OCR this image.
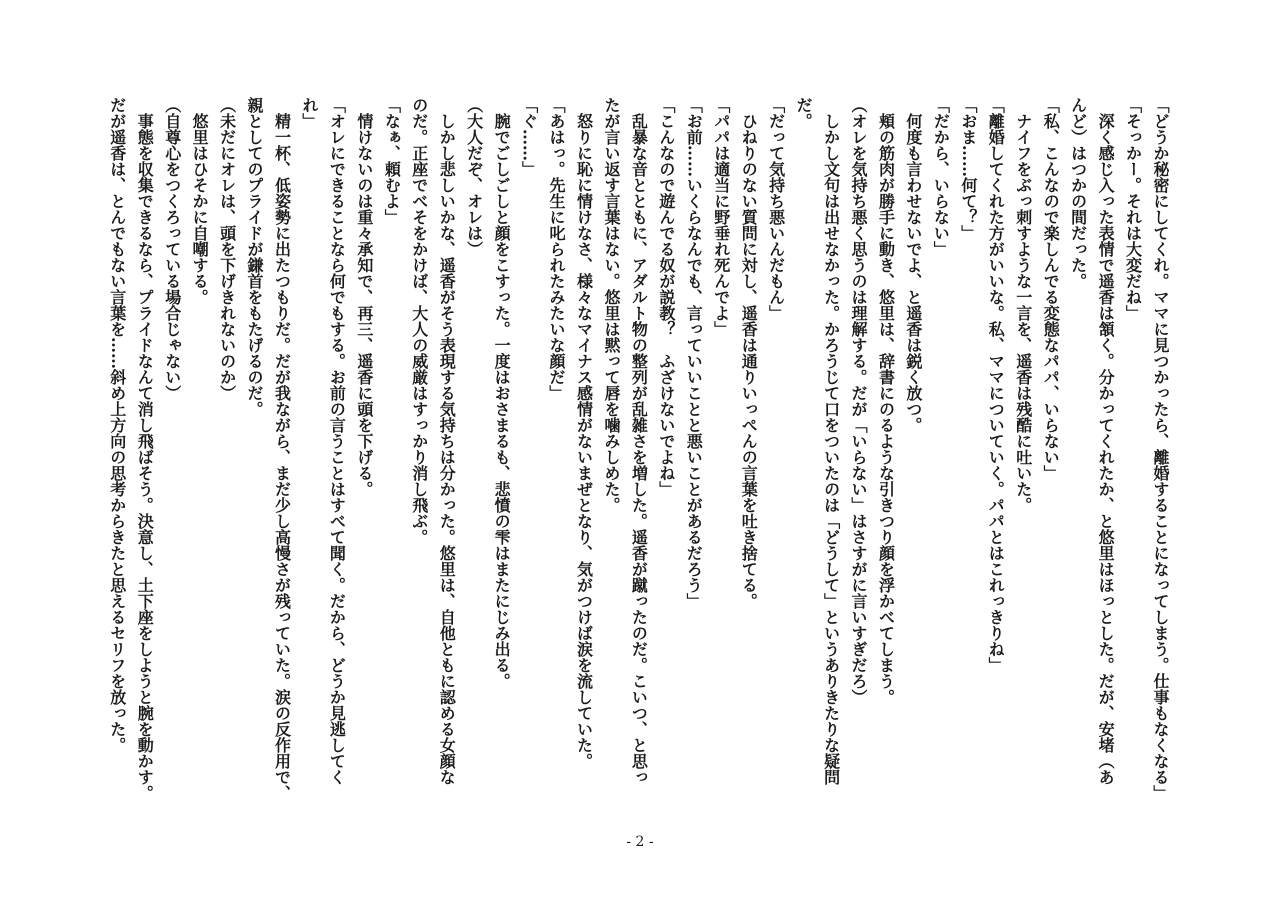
「どうか秘密にしてくれ。ママに見つかったら、離婚することになってしまう。仕事もなくなる」
「そっかー。それは大変だね」
深く感じ入った表情で遥香は頷く。分かってくれたか、と悠里はほっとした。だが、安堵（あ
んど）はつかの間だった。
「私、こんなので楽しんでる変態なパパ、いらない」
ナイフをぶっ刺すような一言を、遥香は残酷に吐いた。
「離婚してくれた方がいいな。私、ママについていく。パパとはこれっきりね」
「おま……何て？」
「だから、いらない」
何度も言わせないでよ、と遥香は鋭く放つ。
頬の筋肉が勝手に動き、悠里は、辞書にのるような引きつり顔を浮かべてしまう。
（オレを気持ち悪く思うのは理解する。だが「いらない」はさすがに言いすぎだろ）
しかし文句は出せなかった。かろうじて口をついたのは「どうして」というありきたりな疑問
だ。
「だって気持ち悪いんだもん」
ひねりのない質問に対し、遥香は通りいっぺんの言葉を吐き捨てる。
「パパは適当に野垂れ死んでよ」
「お前……いくらなんでも、言っていいことと悪いことがあるだろう」
「こんなので遊んでる奴が説教？　ふざけないでよね」
乱暴な音とともに、アダルト物の整列が乱雑さを増した。遥香が蹴ったのだ。こいつ、と思っ
たが言い返す言葉はない。悠里は黙って唇を噛みしめた。
怒りに恥に情けなさ、様々なマイナス感情がないまぜとなり、気がつけば涙を流していた。
「あはっ。先生に叱られたみたいな顔だ」
「ぐ……」
腕でごしごしと顔をこすった。一度はおさまるも、悲憤の雫はまたにじみ出る。
（大人だぞ、オレは）
しかし悲しいかな、遥香がそう表現する気持ちは分かった。悠里は、自他ともに認める女顔な
のだ。正座でべそをかけば、大人の威厳はすっかり消し飛ぶ。
「なぁ、頼むよ」
情けないのは重々承知で、再三、遥香に頭を下げる。
「オレにできることなら何でもする。お前の言うことはすべて聞く。だから、どうか見逃してく
れ」
精一杯、低姿勢に出たつもりだ。だが我ながら、まだ少し高慢さが残っていた。涙の反作用で、
親としてのプライドが鎌首をもたげるのだ。
（未だにオレは、頭を下げきれないのか）
悠里はひそかに自嘲する。
（自尊心をつくろっている場合じゃない）
事態を収集できるなら、プライドなんて消し飛ばそう。決意し、土下座をしようと腕を動かす。
だが遥香は、とんでもない言葉を……斜め上方向の思考からきたと思えるセリフを放った。
- 2 -
